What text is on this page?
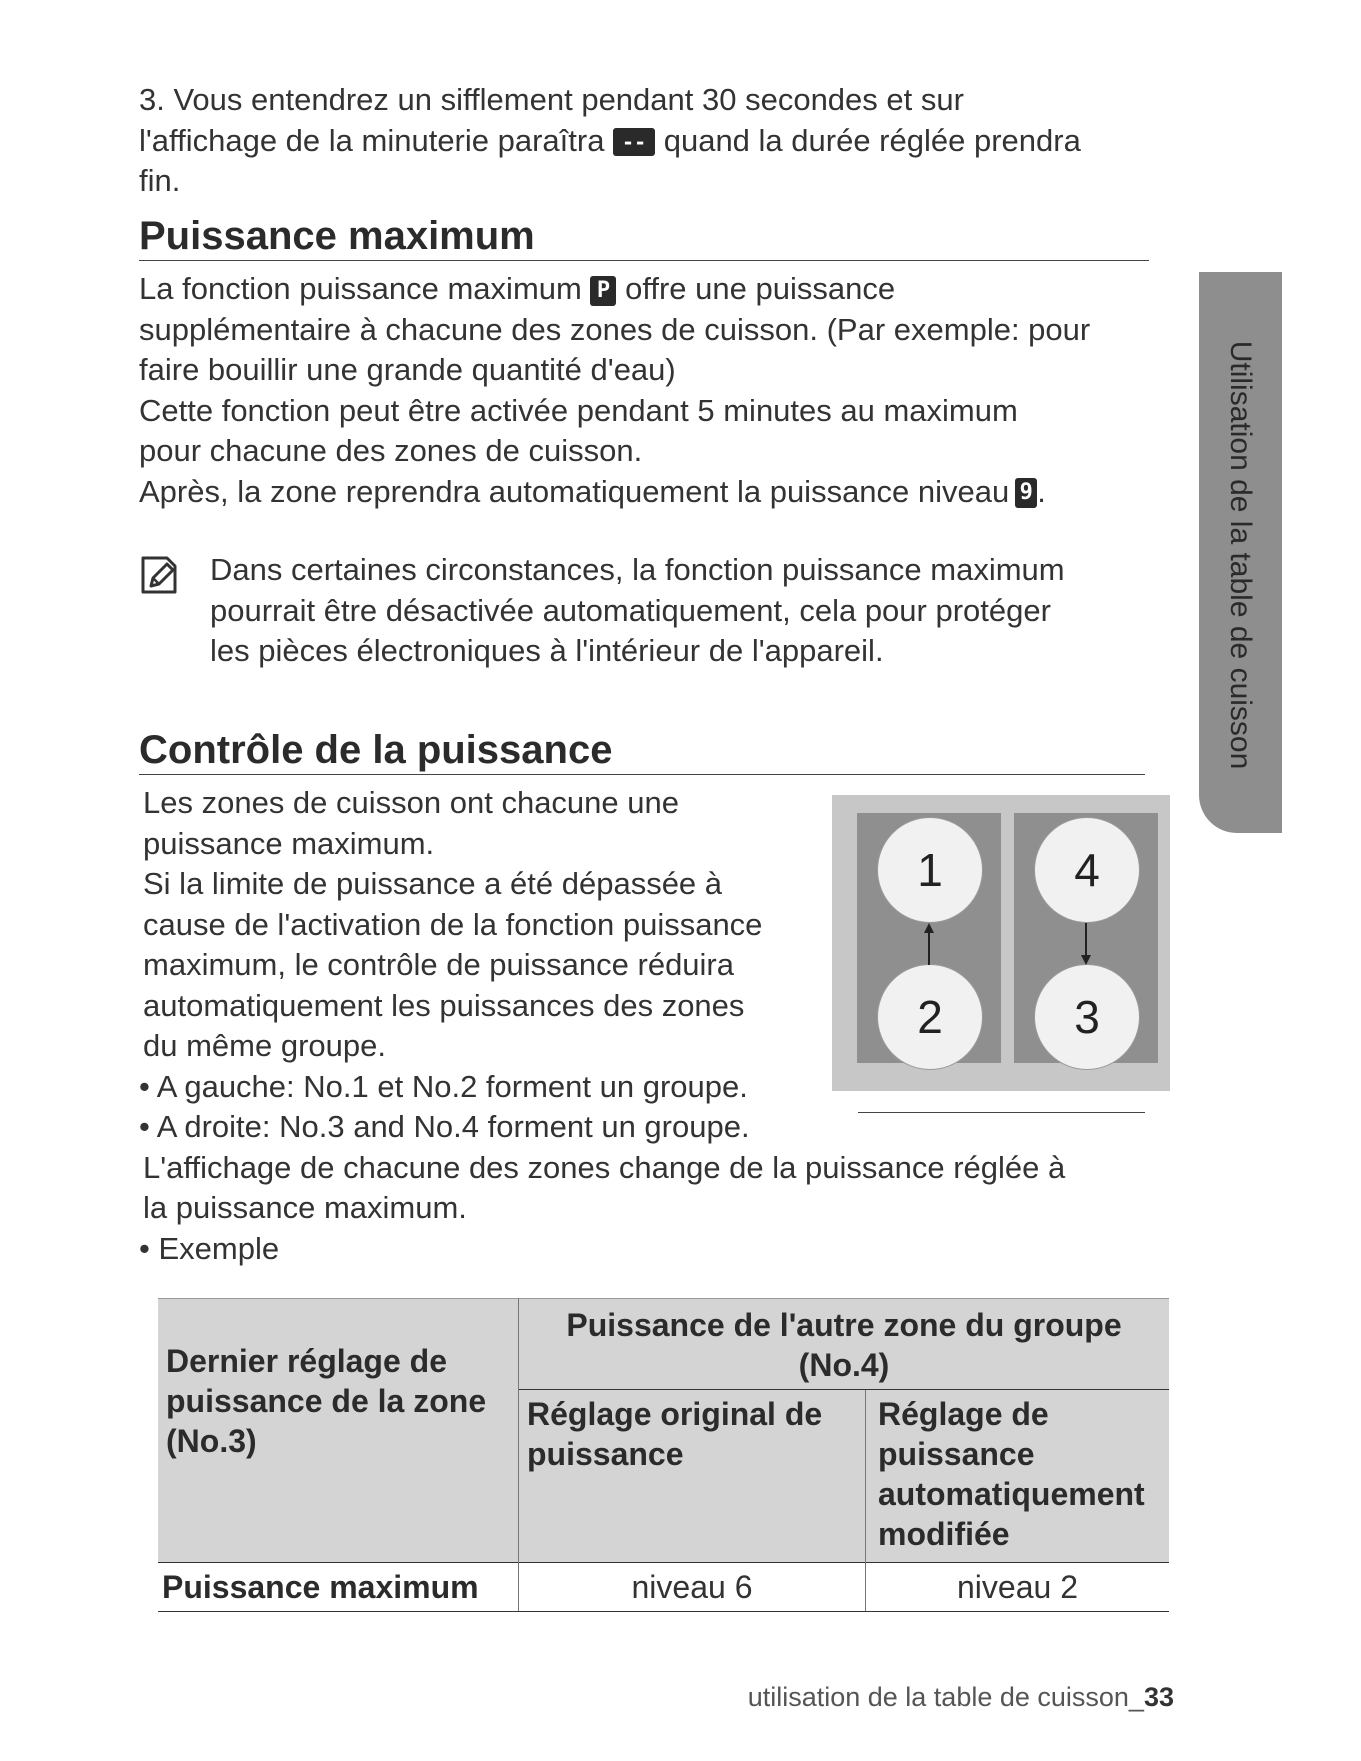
3. Vous entendrez un sifflement pendant 30 secondes et sur

l'affichage de la minuterie paraîtra -- quand la durée réglée prendra

fin.

Puissance maximum

La fonction puissance maximum P offre une puissance

supplémentaire à chacune des zones de cuisson. (Par exemple: pour

faire bouillir une grande quantité d'eau)

Cette fonction peut être activée pendant 5 minutes au maximum

pour chacune des zones de cuisson.

Après, la zone reprendra automatiquement la puissance niveau 9 .

Dans certaines circonstances, la fonction puissance maximum

pourrait être désactivée automatiquement, cela pour protéger

les pièces électroniques à l'intérieur de l'appareil.

Contrôle de la puissance

Les zones de cuisson ont chacune une

puissance maximum.

Si la limite de puissance a été dépassée à

cause de l'activation de la fonction puissance

maximum, le contrôle de puissance réduira

automatiquement les puissances des zones

du même groupe.

• A gauche: No.1 et No.2 forment un groupe.

• A droite: No.3 and No.4 forment un groupe.

L'affichage de chacune des zones change de la puissance réglée à

la puissance maximum.

• Exemple

1
2
4
3
Dernier réglage de puissance de la zone (No.3)	Puissance de l'autre zone du groupe (No.4)	
	Réglage original de puissance	Réglage de puissance automatiquement modifiée
Puissance maximum	niveau 6	niveau 2
Utilisation de la table de cuisson
utilisation de la table de cuisson_33
